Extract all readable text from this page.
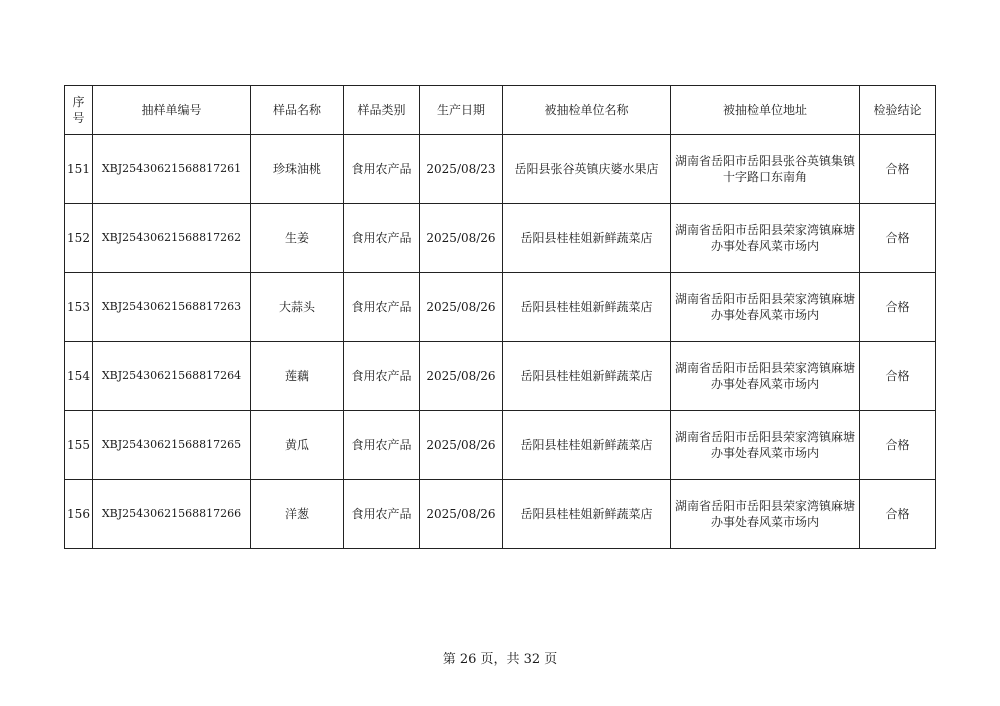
序号	抽样单编号	样品名称	样品类别	生产日期	被抽检单位名称	被抽检单位地址	检验结论
151	XBJ25430621568817261	珍珠油桃	食用农产品	2025/08/23	岳阳县张谷英镇庆婆水果店	湖南省岳阳市岳阳县张谷英镇集镇十字路口东南角	合格
152	XBJ25430621568817262	生姜	食用农产品	2025/08/26	岳阳县桂桂姐新鲜蔬菜店	湖南省岳阳市岳阳县荣家湾镇麻塘办事处春风菜市场内	合格
153	XBJ25430621568817263	大蒜头	食用农产品	2025/08/26	岳阳县桂桂姐新鲜蔬菜店	湖南省岳阳市岳阳县荣家湾镇麻塘办事处春风菜市场内	合格
154	XBJ25430621568817264	莲藕	食用农产品	2025/08/26	岳阳县桂桂姐新鲜蔬菜店	湖南省岳阳市岳阳县荣家湾镇麻塘办事处春风菜市场内	合格
155	XBJ25430621568817265	黄瓜	食用农产品	2025/08/26	岳阳县桂桂姐新鲜蔬菜店	湖南省岳阳市岳阳县荣家湾镇麻塘办事处春风菜市场内	合格
156	XBJ25430621568817266	洋葱	食用农产品	2025/08/26	岳阳县桂桂姐新鲜蔬菜店	湖南省岳阳市岳阳县荣家湾镇麻塘办事处春风菜市场内	合格
第 26 页，共 32 页
